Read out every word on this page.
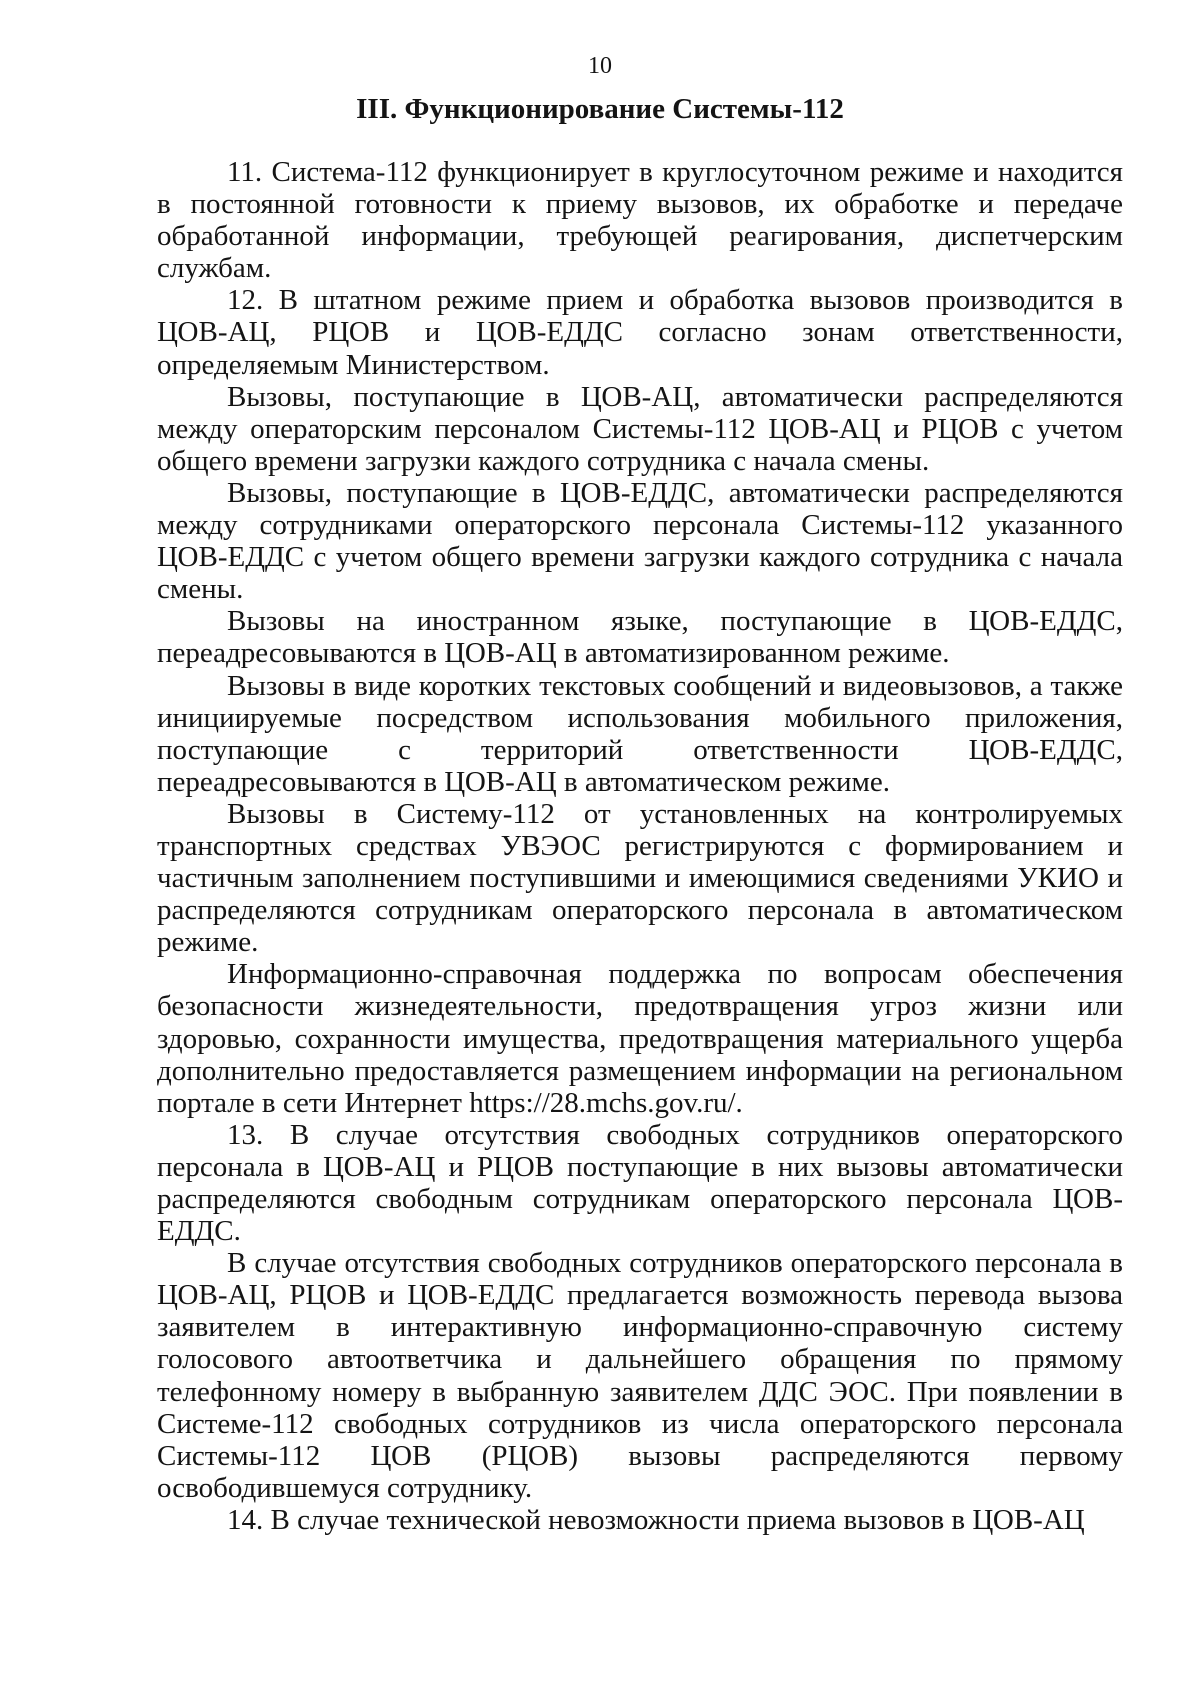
10
III. Функционирование Системы-112

11. Система-112 функционирует в круглосуточном режиме и находится в постоянной готовности к приему вызовов, их обработке и передаче обработанной информации, требующей реагирования, диспетчерским службам.

12. В штатном режиме прием и обработка вызовов производится в ЦОВ-АЦ, РЦОВ и ЦОВ-ЕДДС согласно зонам ответственности, определяемым Министерством.

Вызовы, поступающие в ЦОВ-АЦ, автоматически распределяются между операторским персоналом Системы-112 ЦОВ-АЦ и РЦОВ с учетом общего времени загрузки каждого сотрудника с начала смены.

Вызовы, поступающие в ЦОВ-ЕДДС, автоматически распределяются между сотрудниками операторского персонала Системы-112 указанного ЦОВ-ЕДДС с учетом общего времени загрузки каждого сотрудника с начала смены.

Вызовы на иностранном языке, поступающие в ЦОВ-ЕДДС, переадресовываются в ЦОВ-АЦ в автоматизированном режиме.

Вызовы в виде коротких текстовых сообщений и видеовызовов, а также инициируемые посредством использования мобильного приложения, поступающие с территорий ответственности ЦОВ-ЕДДС, переадресовываются в ЦОВ-АЦ в автоматическом режиме.

Вызовы в Систему-112 от установленных на контролируемых транспортных средствах УВЭОС регистрируются с формированием и частичным заполнением поступившими и имеющимися сведениями УКИО и распределяются сотрудникам операторского персонала в автоматическом режиме.

Информационно-справочная поддержка по вопросам обеспечения безопасности жизнедеятельности, предотвращения угроз жизни или здоровью, сохранности имущества, предотвращения материального ущерба дополнительно предоставляется размещением информации на региональном портале в сети Интернет https://28.mchs.gov.ru/.

13. В случае отсутствия свободных сотрудников операторского персонала в ЦОВ-АЦ и РЦОВ поступающие в них вызовы автоматически распределяются свободным сотрудникам операторского персонала ЦОВ-ЕДДС.

В случае отсутствия свободных сотрудников операторского персонала в ЦОВ-АЦ, РЦОВ и ЦОВ-ЕДДС предлагается возможность перевода вызова заявителем в интерактивную информационно-справочную систему голосового автоответчика и дальнейшего обращения по прямому телефонному номеру в выбранную заявителем ДДС ЭОС. При появлении в Системе-112 свободных сотрудников из числа операторского персонала Системы-112 ЦОВ (РЦОВ) вызовы распределяются первому освободившемуся сотруднику.

14. В случае технической невозможности приема вызовов в ЦОВ-АЦ
